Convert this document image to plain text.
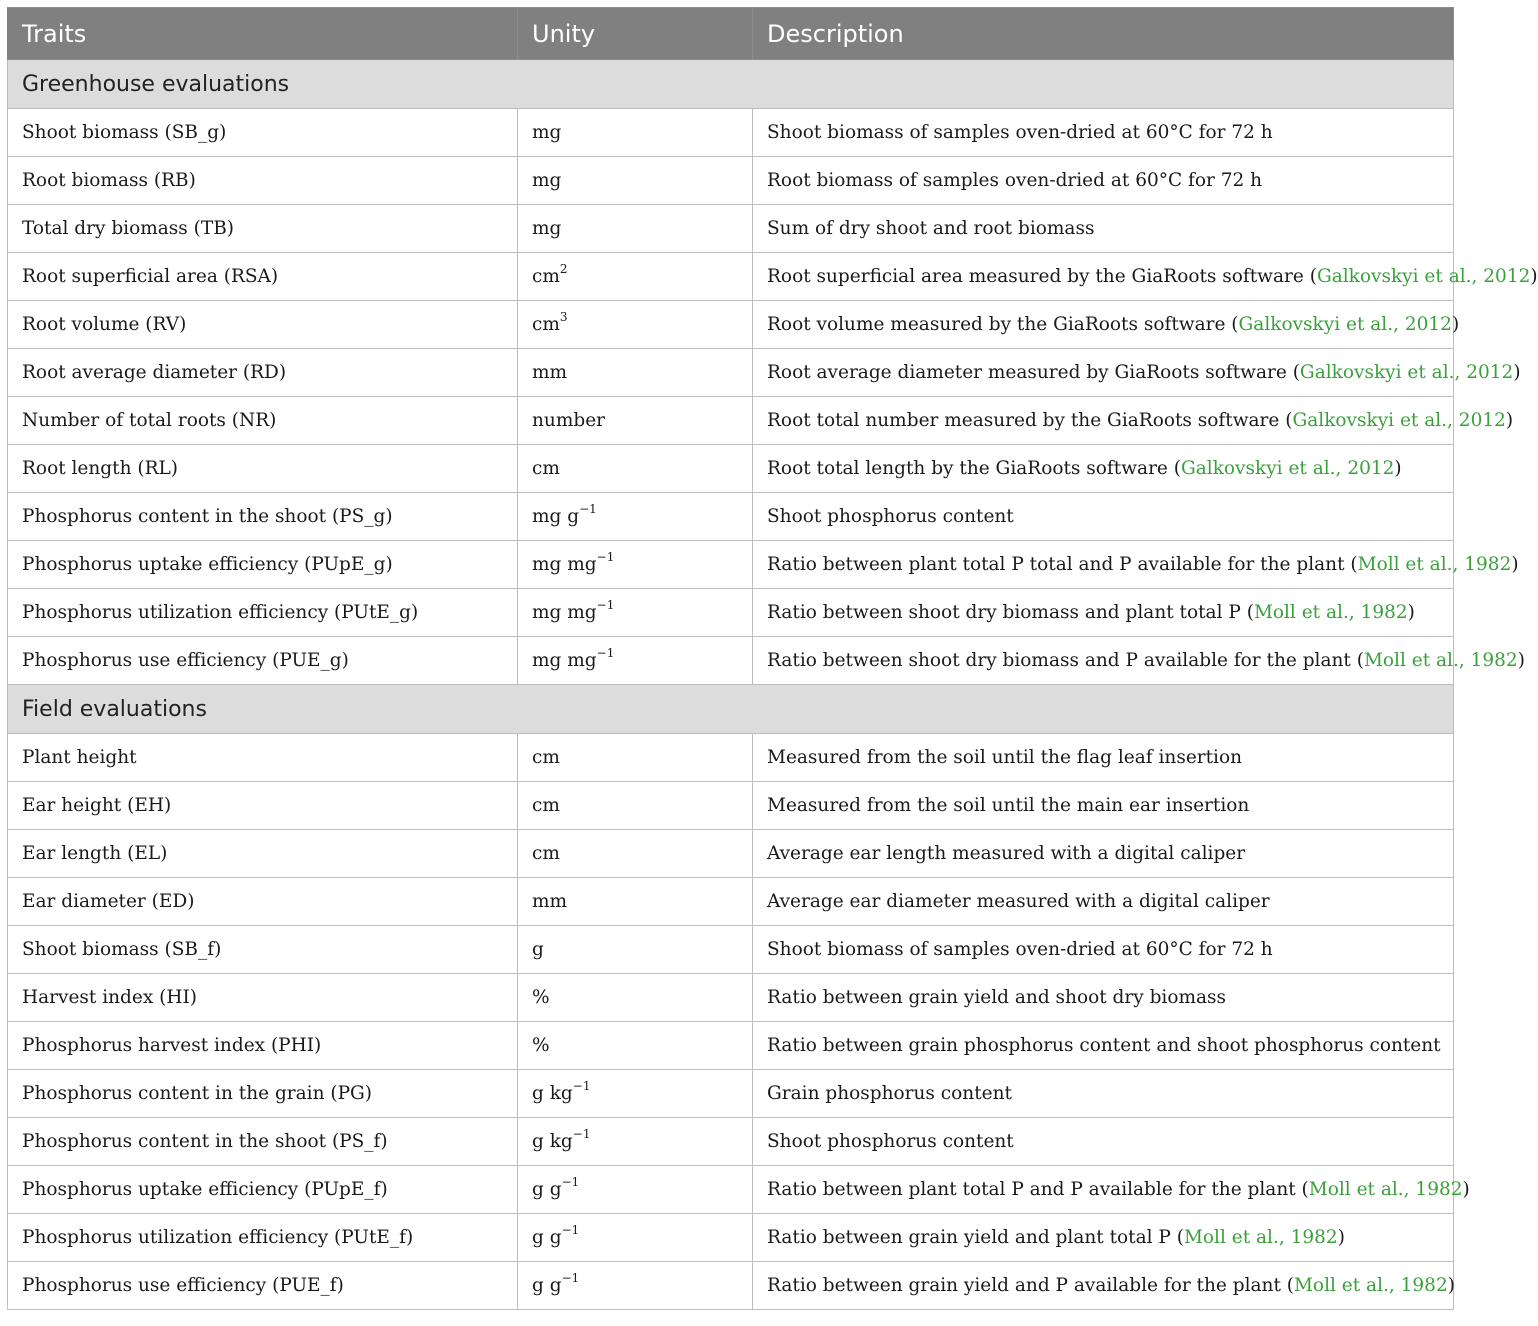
Traits	Unity	Description
Greenhouse evaluations		
Shoot biomass (SB_g)	mg	Shoot biomass of samples oven-dried at 60°C for 72 h
Root biomass (RB)	mg	Root biomass of samples oven-dried at 60°C for 72 h
Total dry biomass (TB)	mg	Sum of dry shoot and root biomass
Root superficial area (RSA)	$cm^2$	Root superficial area measured by the GiaRoots software (Galkovskyi et al., 2012)
Root volume (RV)	$cm^3$	Root volume measured by the GiaRoots software (Galkovskyi et al., 2012)
Root average diameter (RD)	mm	Root average diameter measured by GiaRoots software (Galkovskyi et al., 2012)
Number of total roots (NR)	number	Root total number measured by the GiaRoots software (Galkovskyi et al., 2012)
Root length (RL)	cm	Root total length by the GiaRoots software (Galkovskyi et al., 2012)
Phosphorus content in the shoot (PS_g)	mg $g^{-1}$	Shoot phosphorus content
Phosphorus uptake efficiency (PUpE_g)	mg $mg^{-1}$	Ratio between plant total P total and P available for the plant (Moll et al., 1982)
Phosphorus utilization efficiency (PUtE_g)	mg $mg^{-1}$	Ratio between shoot dry biomass and plant total P (Moll et al., 1982)
Phosphorus use efficiency (PUE_g)	mg $mg^{-1}$	Ratio between shoot dry biomass and P available for the plant (Moll et al., 1982)
Field evaluations		
Plant height	cm	Measured from the soil until the flag leaf insertion
Ear height (EH)	cm	Measured from the soil until the main ear insertion
Ear length (EL)	cm	Average ear length measured with a digital caliper
Ear diameter (ED)	mm	Average ear diameter measured with a digital caliper
Shoot biomass (SB_f)	g	Shoot biomass of samples oven-dried at 60°C for 72 h
Harvest index (HI)	%	Ratio between grain yield and shoot dry biomass
Phosphorus harvest index (PHI)	%	Ratio between grain phosphorus content and shoot phosphorus content
Phosphorus content in the grain (PG)	g $kg^{-1}$	Grain phosphorus content
Phosphorus content in the shoot (PS_f)	g $kg^{-1}$	Shoot phosphorus content
Phosphorus uptake efficiency (PUpE_f)	g $g^{-1}$	Ratio between plant total P and P available for the plant (Moll et al., 1982)
Phosphorus utilization efficiency (PUtE_f)	g $g^{-1}$	Ratio between grain yield and plant total P (Moll et al., 1982)
Phosphorus use efficiency (PUE_f)	g $g^{-1}$	Ratio between grain yield and P available for the plant (Moll et al., 1982)
